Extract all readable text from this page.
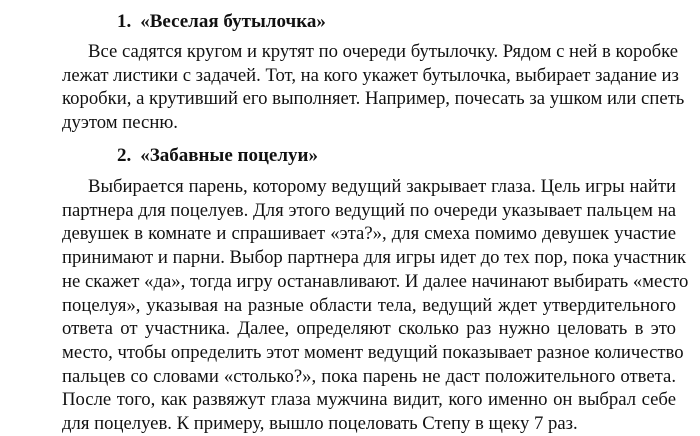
1. «Веселая бутылочка»
Все садятся кругом и крутят по очереди бутылочку. Рядом с ней в коробке
лежат листики с задачей. Тот, на кого укажет бутылочка, выбирает задание из
коробки, а крутивший его выполняет. Например, почесать за ушком или спеть
дуэтом песню.
2. «Забавные поцелуи»
Выбирается парень, которому ведущий закрывает глаза. Цель игры найти
партнера для поцелуев. Для этого ведущий по очереди указывает пальцем на
девушек в комнате и спрашивает «эта?», для смеха помимо девушек участие
принимают и парни. Выбор партнера для игры идет до тех пор, пока участник
не скажет «да», тогда игру останавливают. И далее начинают выбирать «место
поцелуя», указывая на разные области тела, ведущий ждет утвердительного
ответа от участника. Далее, определяют сколько раз нужно целовать в это
место, чтобы определить этот момент ведущий показывает разное количество
пальцев со словами «столько?», пока парень не даст положительного ответа.
После того, как развяжут глаза мужчина видит, кого именно он выбрал себе
для поцелуев. К примеру, вышло поцеловать Степу в щеку 7 раз.
